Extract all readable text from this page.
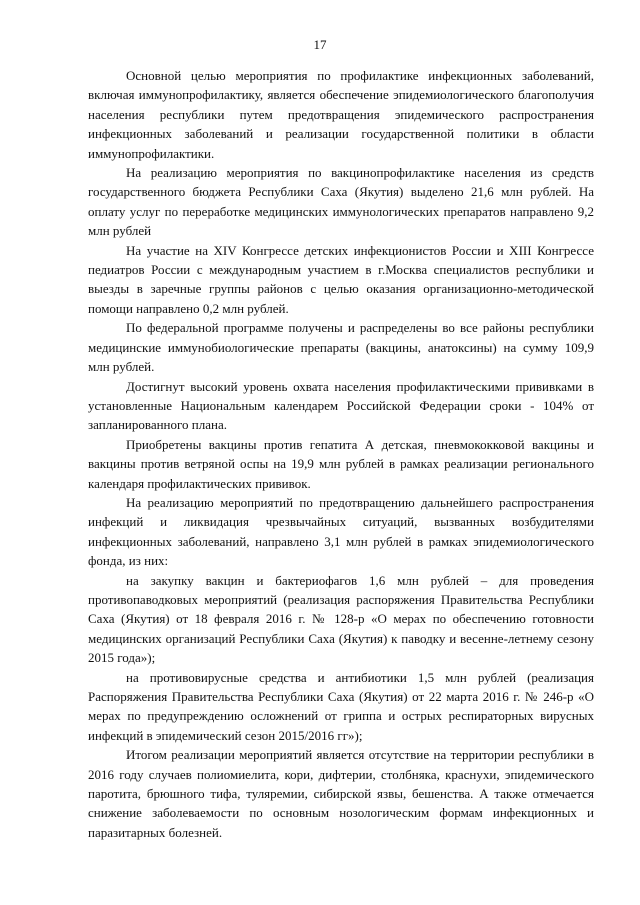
17

Основной целью мероприятия по профилактике инфекционных заболеваний, включая иммунопрофилактику, является обеспечение эпидемиологического благополучия населения республики путем предотвращения эпидемического распространения инфекционных заболеваний и реализации государственной политики в области иммунопрофилактики.

На реализацию мероприятия по вакцинопрофилактике населения из средств государственного бюджета Республики Саха (Якутия) выделено 21,6 млн рублей. На оплату услуг по переработке медицинских иммунологических препаратов направлено 9,2 млн рублей

На участие на XIV Конгрессе детских инфекционистов России и XIII Конгрессе педиатров России с международным участием в г.Москва специалистов республики и выезды в заречные группы районов с целью оказания организационно-методической помощи направлено 0,2 млн рублей.

По федеральной программе получены и распределены во все районы республики медицинские иммунобиологические препараты (вакцины, анатоксины) на сумму 109,9 млн рублей.

Достигнут высокий уровень охвата населения профилактическими прививками в установленные Национальным календарем Российской Федерации сроки - 104% от запланированного плана.

Приобретены вакцины против гепатита А детская, пневмококковой вакцины и вакцины против ветряной оспы на 19,9 млн рублей в рамках реализации регионального календаря профилактических прививок.

На реализацию мероприятий по предотвращению дальнейшего распространения инфекций и ликвидация чрезвычайных ситуаций, вызванных возбудителями инфекционных заболеваний, направлено 3,1 млн рублей в рамках эпидемиологического фонда, из них:

на закупку вакцин и бактериофагов 1,6 млн рублей – для проведения противопаводковых мероприятий (реализация распоряжения Правительства Республики Саха (Якутия) от 18 февраля 2016 г. № 128-р «О мерах по обеспечению готовности медицинских организаций Республики Саха (Якутия) к паводку и весенне-летнему сезону 2015 года»);

на противовирусные средства и антибиотики 1,5 млн рублей (реализация Распоряжения Правительства Республики Саха (Якутия) от 22 марта 2016 г. № 246-р «О мерах по предупреждению осложнений от гриппа и острых респираторных вирусных инфекций в эпидемический сезон 2015/2016 гг»);

Итогом реализации мероприятий является отсутствие на территории республики в 2016 году случаев полиомиелита, кори, дифтерии, столбняка, краснухи, эпидемического паротита, брюшного тифа, туляремии, сибирской язвы, бешенства. А также отмечается снижение заболеваемости по основным нозологическим формам инфекционных и паразитарных болезней.
